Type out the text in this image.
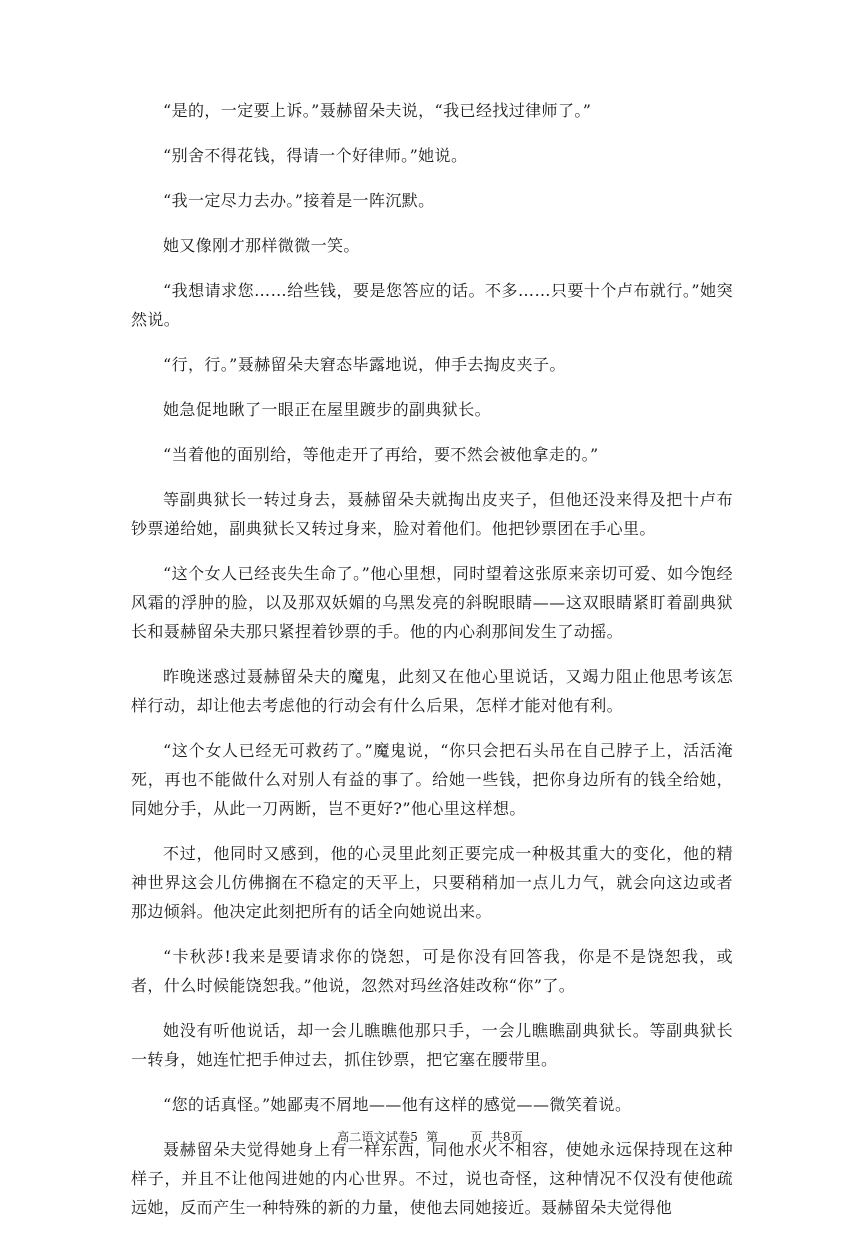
“是的，一定要上诉。”聂赫留朵夫说，“我已经找过律师了。”

“别舍不得花钱，得请一个好律师。”她说。

“我一定尽力去办。”接着是一阵沉默。

她又像刚才那样微微一笑。

“我想请求您……给些钱，要是您答应的话。不多……只要十个卢布就行。”她突然说。

“行，行。”聂赫留朵夫窘态毕露地说，伸手去掏皮夹子。

她急促地瞅了一眼正在屋里踱步的副典狱长。

“当着他的面别给，等他走开了再给，要不然会被他拿走的。”

等副典狱长一转过身去，聂赫留朵夫就掏出皮夹子，但他还没来得及把十卢布钞票递给她，副典狱长又转过身来，脸对着他们。他把钞票团在手心里。

“这个女人已经丧失生命了。”他心里想，同时望着这张原来亲切可爱、如今饱经风霜的浮肿的脸，以及那双妖媚的乌黑发亮的斜睨眼睛——这双眼睛紧盯着副典狱长和聂赫留朵夫那只紧捏着钞票的手。他的内心刹那间发生了动摇。

昨晚迷惑过聂赫留朵夫的魔鬼，此刻又在他心里说话，又竭力阻止他思考该怎样行动，却让他去考虑他的行动会有什么后果，怎样才能对他有利。

“这个女人已经无可救药了。”魔鬼说，“你只会把石头吊在自己脖子上，活活淹死，再也不能做什么对别人有益的事了。给她一些钱，把你身边所有的钱全给她，同她分手，从此一刀两断，岂不更好?”他心里这样想。

不过，他同时又感到，他的心灵里此刻正要完成一种极其重大的变化，他的精神世界这会儿仿佛搁在不稳定的天平上，只要稍稍加一点儿力气，就会向这边或者那边倾斜。他决定此刻把所有的话全向她说出来。

“卡秋莎!我来是要请求你的饶恕，可是你没有回答我，你是不是饶恕我，或者，什么时候能饶恕我。”他说，忽然对玛丝洛娃改称“你”了。

她没有听他说话，却一会儿瞧瞧他那只手，一会儿瞧瞧副典狱长。等副典狱长一转身，她连忙把手伸过去，抓住钞票，把它塞在腰带里。

“您的话真怪。”她鄙夷不屑地——他有这样的感觉——微笑着说。

聂赫留朵夫觉得她身上有一样东西，同他水火不相容，使她永远保持现在这种样子，并且不让他闯进她的内心世界。不过，说也奇怪，这种情况不仅没有使他疏远她，反而产生一种特殊的新的力量，使他去同她接近。聂赫留朵夫觉得他

高二语文试卷5  第	页 共8页
